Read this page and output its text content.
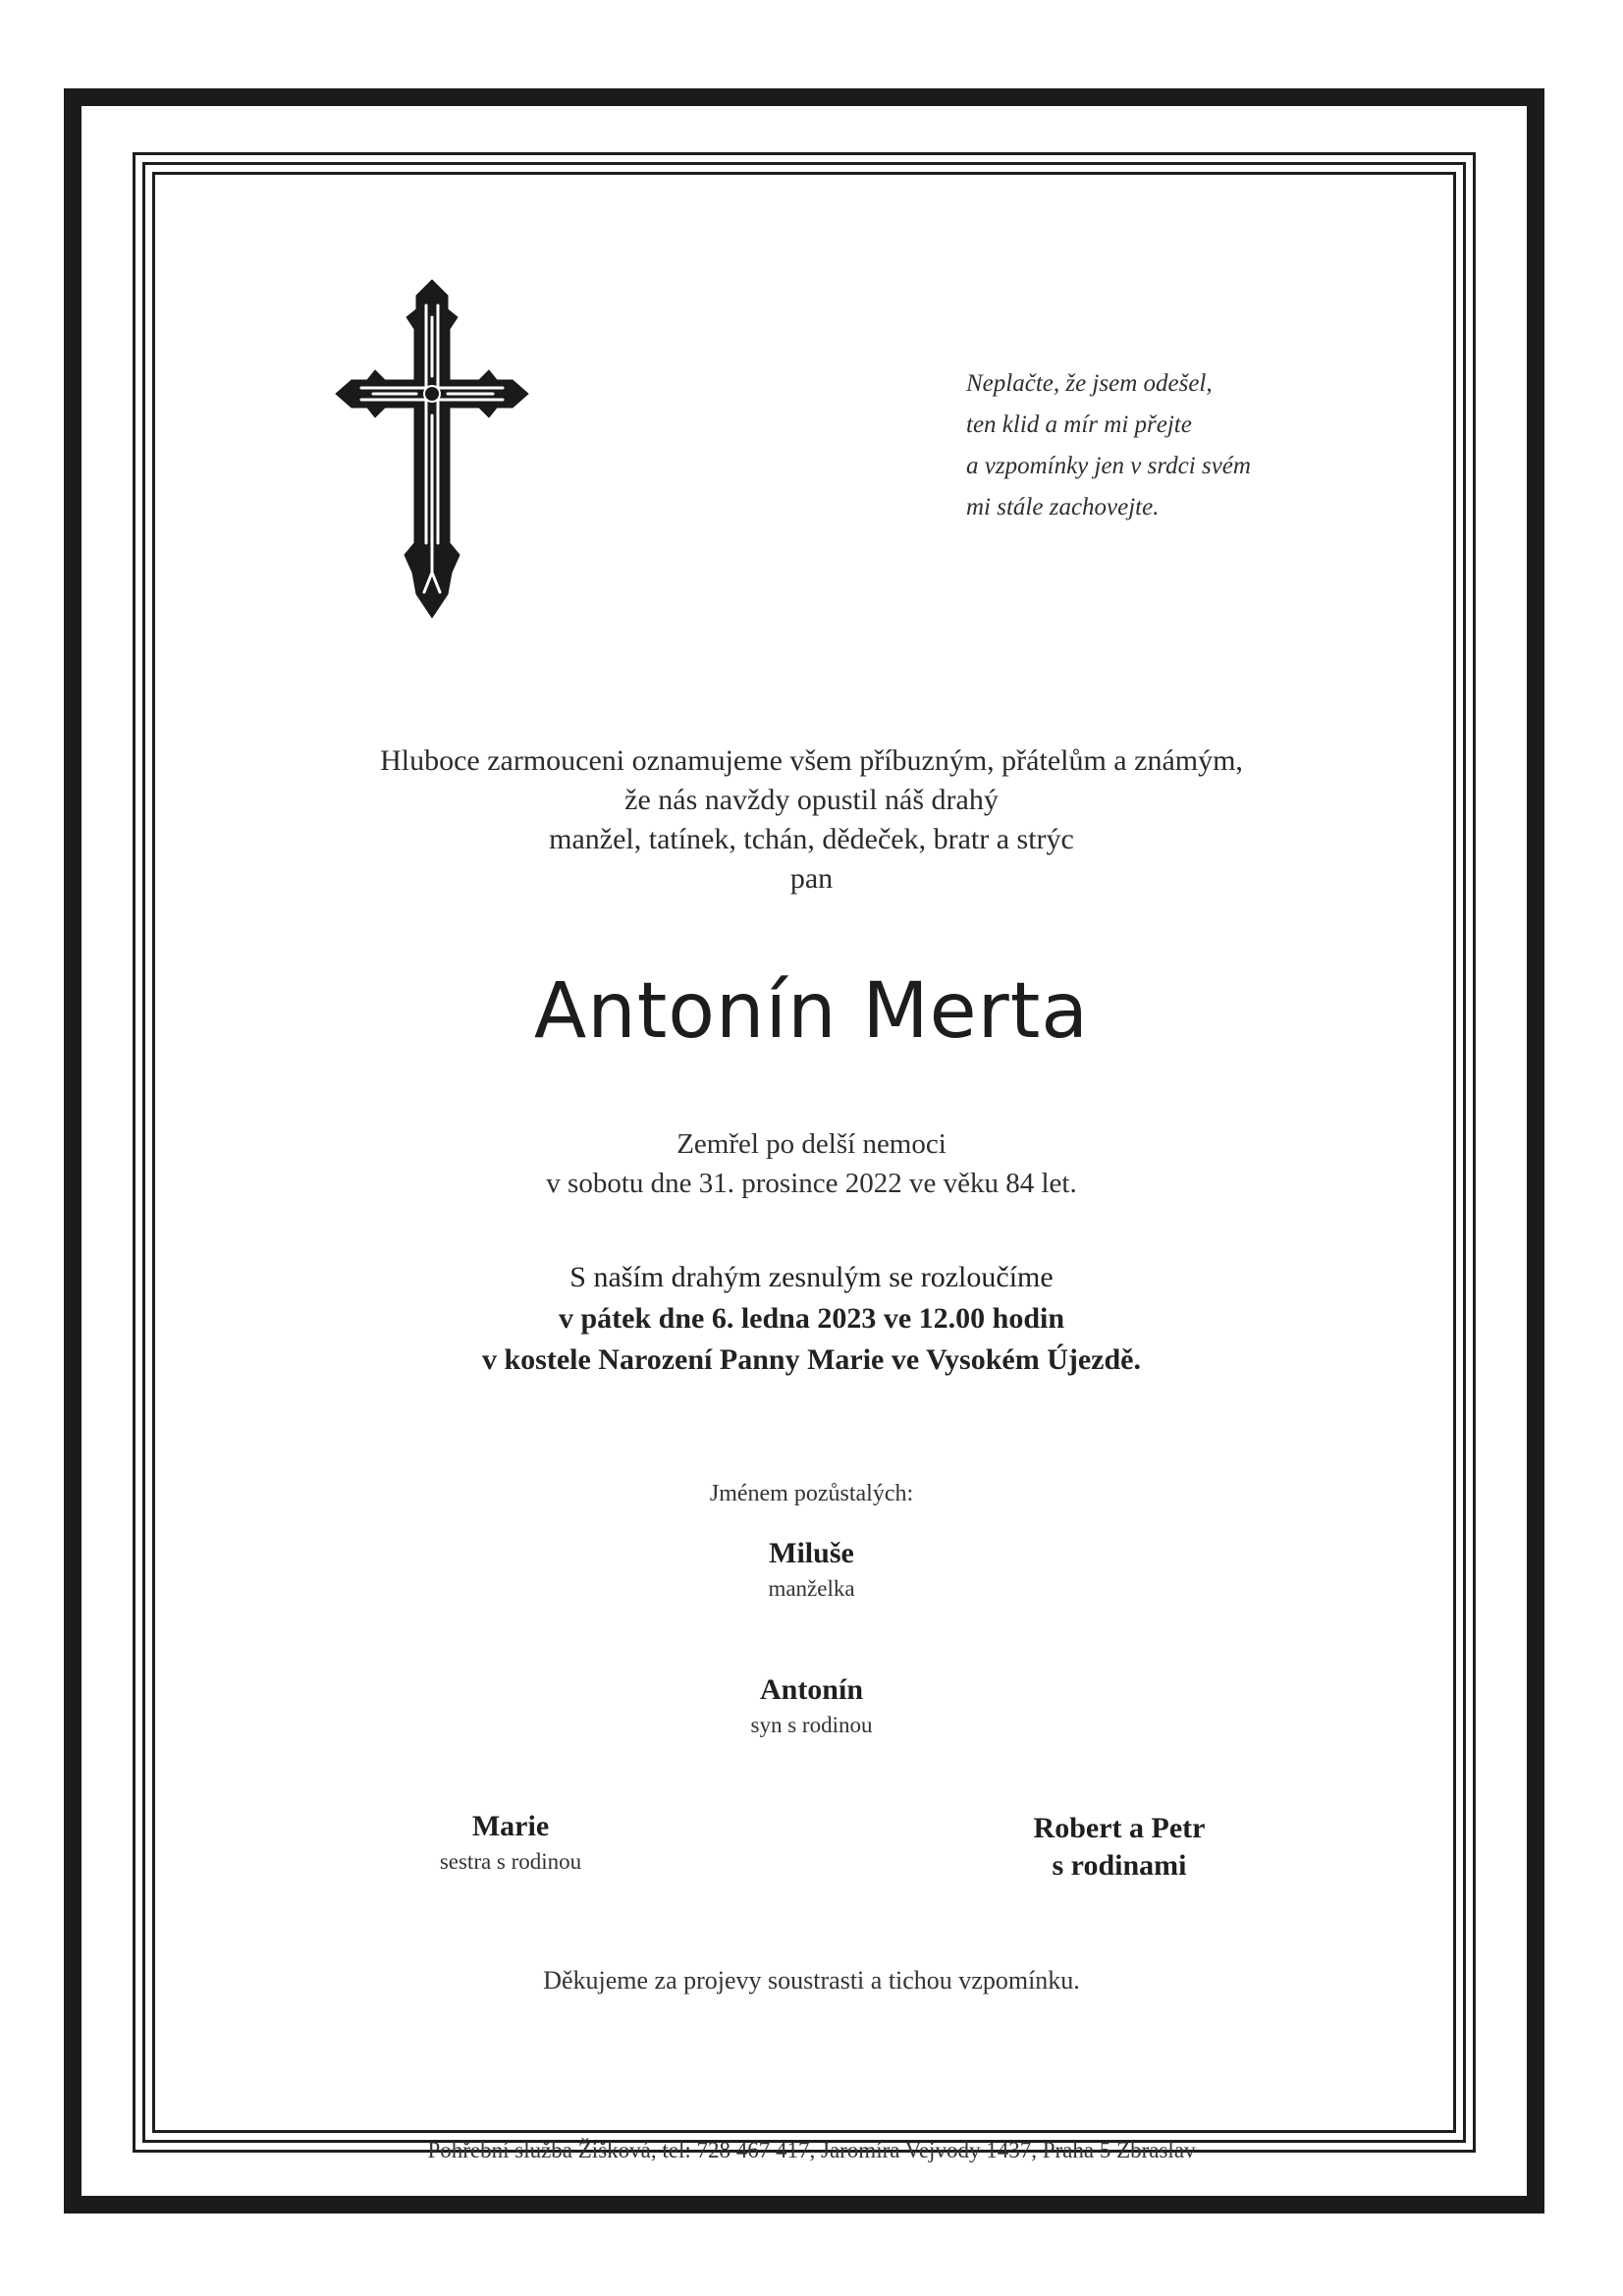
Neplačte, že jsem odešel,
ten klid a mír mi přejte
a vzpomínky jen v srdci svém
mi stále zachovejte.
Hluboce zarmouceni oznamujeme všem příbuzným, přátelům a známým,
že nás navždy opustil náš drahý
manžel, tatínek, tchán, dědeček, bratr a strýc
pan
Antonín Merta
Zemřel po delší nemoci
v sobotu dne 31. prosince 2022 ve věku 84 let.
S naším drahým zesnulým se rozloučíme
v pátek dne 6. ledna 2023 ve 12.00 hodin
v kostele Narození Panny Marie ve Vysokém Újezdě.
Jménem pozůstalých:
Miluše
manželka
Antonín
syn s rodinou
Marie
sestra s rodinou
Robert a Petr
s rodinami
Děkujeme za projevy soustrasti a tichou vzpomínku.
Pohřební služba Žišková, tel: 728 467 417, Jaromíra Vejvody 1437, Praha 5 Zbraslav
